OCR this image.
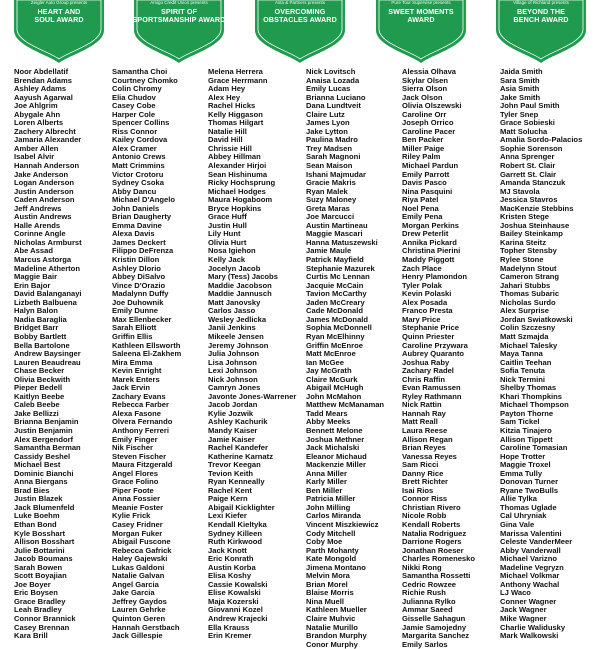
Zeigler Auto Group presents
HEART AND
SOUL AWARD
Amigo Credit Union presents
SPIRIT OF
SPORTSMANSHIP AWARD
Asta & Partners presents
OVERCOMING
OBSTACLES AWARD
Pure Tour Supervise presents
SWEET MOMENTS
AWARD
Village of Richland presents
BEYOND THE
BENCH AWARD
Noor Abdellatif
Brendan Adams
Ashley Adams
Aayush Agarwal
Joe Ahlgrim
Abygale Ahn
Loren Alberts
Zachery Albrecht
Jamaria Alexander
Amber Allen
Isabel Alvir
Hannah Anderson
Jake Anderson
Logan Anderson
Justin Anderson
Caden Anderson
Jeff Andrews
Austin Andrews
Halle Arends
Corinne Angle
Nicholas Armburst
Abe Assad
Marcus Astorga
Madeline Atherton
Maggie Bair
Erin Bajor
David Balanganayi
Lizbeth Balbuena
Halyn Balon
Nadia Baraglia
Bridget Barr
Bobby Bartlett
Bella Bartolone
Andrew Baysinger
Lauren Beaudreau
Chase Becker
Olivia Beckwith
Pieper Bedell
Kaitlyn Beebe
Caleb Beebe
Jake Bellizzi
Brianna Benjamin
Justin Benjamin
Alex Bergendorf
Samantha Berman
Cassidy Beshel
Michael Best
Dominic Bianchi
Anna Biergans
Brad Bies
Justin Blazek
Jack Blumenfeld
Luke Boehm
Ethan Bond
Kyle Bosshart
Allison Bosshart
Julie Bottarini
Jacob Boumans
Sarah Bowen
Scott Boyajian
Joe Boyer
Eric Boysen
Grace Bradley
Leah Bradley
Connor Brannick
Casey Brennan
Kara Brill
Samantha Choi
Courtney Chomko
Colin Chromy
Elia Chudov
Casey Cobe
Harper Cole
Spencer Collins
Riss Connor
Kailey Cordova
Alex Cramer
Antonio Crews
Matt Crimmins
Victor Crotoru
Sydney Csoka
Abby Dancu
Michael D'Angelo
John Daniels
Brian Daugherty
Emma Davine
Alexa Davis
James Deckert
Filippo DeFrenza
Kristin Dillon
Ashley Dlorio
Abbey DiSalvo
Vince D'Orazio
Madalynn Duffy
Joe Duhownik
Emily Dunne
Max Ellenbecker
Sarah Elliott
Griffin Ellis
Kathleen Ellsworth
Saleena El-Zakhem
Mira Emma
Kevin Enright
Marek Enters
Jack Ervin
Zachary Evans
Rebecca Farber
Alexa Fasone
Olvera Fernando
Anthony Ferreri
Emily Finger
Nik Fischer
Steven Fischer
Maura Fitzgerald
Angel Flores
Grace Folino
Piper Foote
Anna Fossier
Meanie Foster
Kylie Frick
Casey Fridner
Morgan Fuker
Abigail Fuscone
Rebecca Gafrick
Haley Gajewski
Lukas Galdoni
Natalie Galvan
Angel Garcia
Jake Garcia
Jeffrey Gaydos
Lauren Gehrke
Quinton Geren
Hannah Gerstbach
Jack Gillespie
Melena Herrera
Grace Herrmann
Adam Hey
Alex Hey
Rachel Hicks
Kelly Higgason
Thomas Hilgart
Natalie Hill
David Hill
Chrissie Hill
Abbey Hillman
Alexander Hirjoi
Sean Hishinuma
Ricky Hochsprung
Michael Hodges
Maura Hogaboom
Bryce Hopkins
Grace Huff
Justin Hull
Lily Hunt
Olivia Hurt
Nosa Igiehon
Kelly Jack
Jocelyn Jacob
Mary (Tess) Jacobs
Maddie Jacobson
Maddie Jannusch
Matt Janovsky
Carlos Jasso
Wesley Jedlicka
Janii Jenkins
Mikeele Jensen
Jeremy Johnson
Julia Johnson
Lisa Johnson
Lexi Johnson
Nick Johnson
Camryn Jones
Javonte Jones-Warrener
Jacob Jordan
Kylie Jozwik
Ashley Kachurik
Mandy Kaiser
Jamie Kaiser
Rachel Kandefer
Katherine Karnatz
Trevor Keegan
Tevion Keith
Ryan Kenneally
Rachel Kent
Paige Kern
Abigail Kicklighter
Lexi Kiefer
Kendall Kieltyka
Sydney Killeen
Ruth Kirkwood
Jack Knott
Eric Konrath
Austin Korba
Elisa Koshy
Cassie Kowalski
Elise Kowalski
Maja Kozerski
Giovanni Kozel
Andrew Krajecki
Ella Krauss
Erin Kremer
Nick Lovitsch
Anaisa Lozada
Emily Lucas
Brianna Luciano
Dana Lundtveit
Claire Lutz
James Lyon
Jake Lytton
Paulina Madro
Trey Madsen
Sarah Magnoni
Sean Maison
Ishani Majmudar
Gracie Makris
Ryan Malek
Suzy Maloney
Greta Maras
Joe Marcucci
Austin Martineau
Maggie Mascari
Hanna Matuszewski
Jamie Maule
Patrick Mayfield
Stephanie Mazurek
Curtis Mc Lennan
Jacquie McCain
Tavion McCarthy
Jaden McCreary
Cade McDonald
James McDonald
Sophia McDonnell
Ryan McElhinny
Griffin McEnroe
Matt McEnroe
Ian McGee
Jay McGrath
Claire McGurk
Abigail McHugh
John McMahon
Matthew McManaman
Tadd Mears
Abby Meeks
Bennett Melone
Joshua Methner
Jack Michalski
Eleanor Michaud
Mackenzie Miller
Anna Miller
Karly Miller
Ben Miller
Patricia Miller
John Milling
Carlos Miranda
Vincent Miszkiewicz
Cody Mitchell
Coby Moe
Parth Mohanty
Kate Mongold
Jimena Montano
Melvin Mora
Brian Morel
Blaise Morris
Nina Muell
Kathleen Mueller
Claire Muhvic
Natalie Murillo
Brandon Murphy
Conor Murphy
Alessia Olhava
Skylar Olsen
Sierra Olson
Jack Olson
Olivia Olszewski
Caroline Orr
Joseph Orrico
Caroline Pacer
Ben Packer
Miller Paige
Riley Palm
Michael Pardun
Emily Parrott
Davis Pasco
Nina Pasquini
Riya Patel
Noel Pena
Emily Pena
Morgan Perkins
Drew Peterlit
Annika Pickard
Christina Pierini
Maddy Piggott
Zach Place
Henry Plamondon
Tyler Polak
Kevin Polaski
Alex Posada
Franco Presta
Mary Price
Stephanie Price
Quinn Priester
Caroline Przywara
Aubrey Quaranto
Joshua Raby
Zachary Radel
Chris Raffin
Evan Ramussen
Ryley Rathmann
Nick Rattin
Hannah Ray
Matt Reall
Laura Reese
Allison Regan
Brian Reyes
Vanessa Reyes
Sam Ricci
Danny Rice
Brett Richter
Isai Rios
Connor Riss
Christian Rivero
Nicole Robb
Kendall Roberts
Natalia Rodriguez
Darrione Rogers
Jonathan Roeser
Charles Romenesko
Nikki Rong
Samantha Rossetti
Cedric Rowzee
Richie Rush
Julianna Rylko
Ammar Saeed
Gisselle Sahagun
Jamie Samojedny
Margarita Sanchez
Emily Sarlos
Jaida Smith
Sara Smith
Asia Smith
Jake Smith
John Paul Smith
Tyler Snep
Grace Sobieski
Matt Solucha
Amalia Sordo-Palacios
Sophie Sorenson
Anna Sprenger
Robert St. Clair
Garrett St. Clair
Amanda Stanczuk
MJ Stavola
Jessica Stavros
MacKenzie Stebbins
Kristen Stege
Joshua Steinhause
Bailey Steinkamp
Karina Steitz
Topher Stensby
Rylee Stone
Madelynn Stout
Cameron Strang
Jahari Stubbs
Thomas Subaric
Nicholas Surdo
Alex Surprise
Jordan Swiatkowski
Colin Szczesny
Matt Szmajda
Michael Talesky
Maya Tanna
Caitlin Teehan
Sofia Tenuta
Nick Termini
Shelby Thomas
Khari Thompkins
Michael Thompson
Payton Thorne
Sam Tickel
Kitzia Tinajero
Allison Tippett
Caroline Tomasian
Hope Trotter
Maggie Troxel
Emma Tully
Donovan Turner
Ryane TwoBulls
Allie Tylka
Thomas Uglade
Cal Uhryniak
Gina Vale
Marissa Valentini
Celeste VanderMeer
Abby Vanderwall
Michael Varizno
Madeline Vegryzn
Michael Volkmar
Anthony Wachal
LJ Waco
Conner Wagner
Jack Wagner
Mike Wagner
Charlie Walidusky
Mark Walkowski
